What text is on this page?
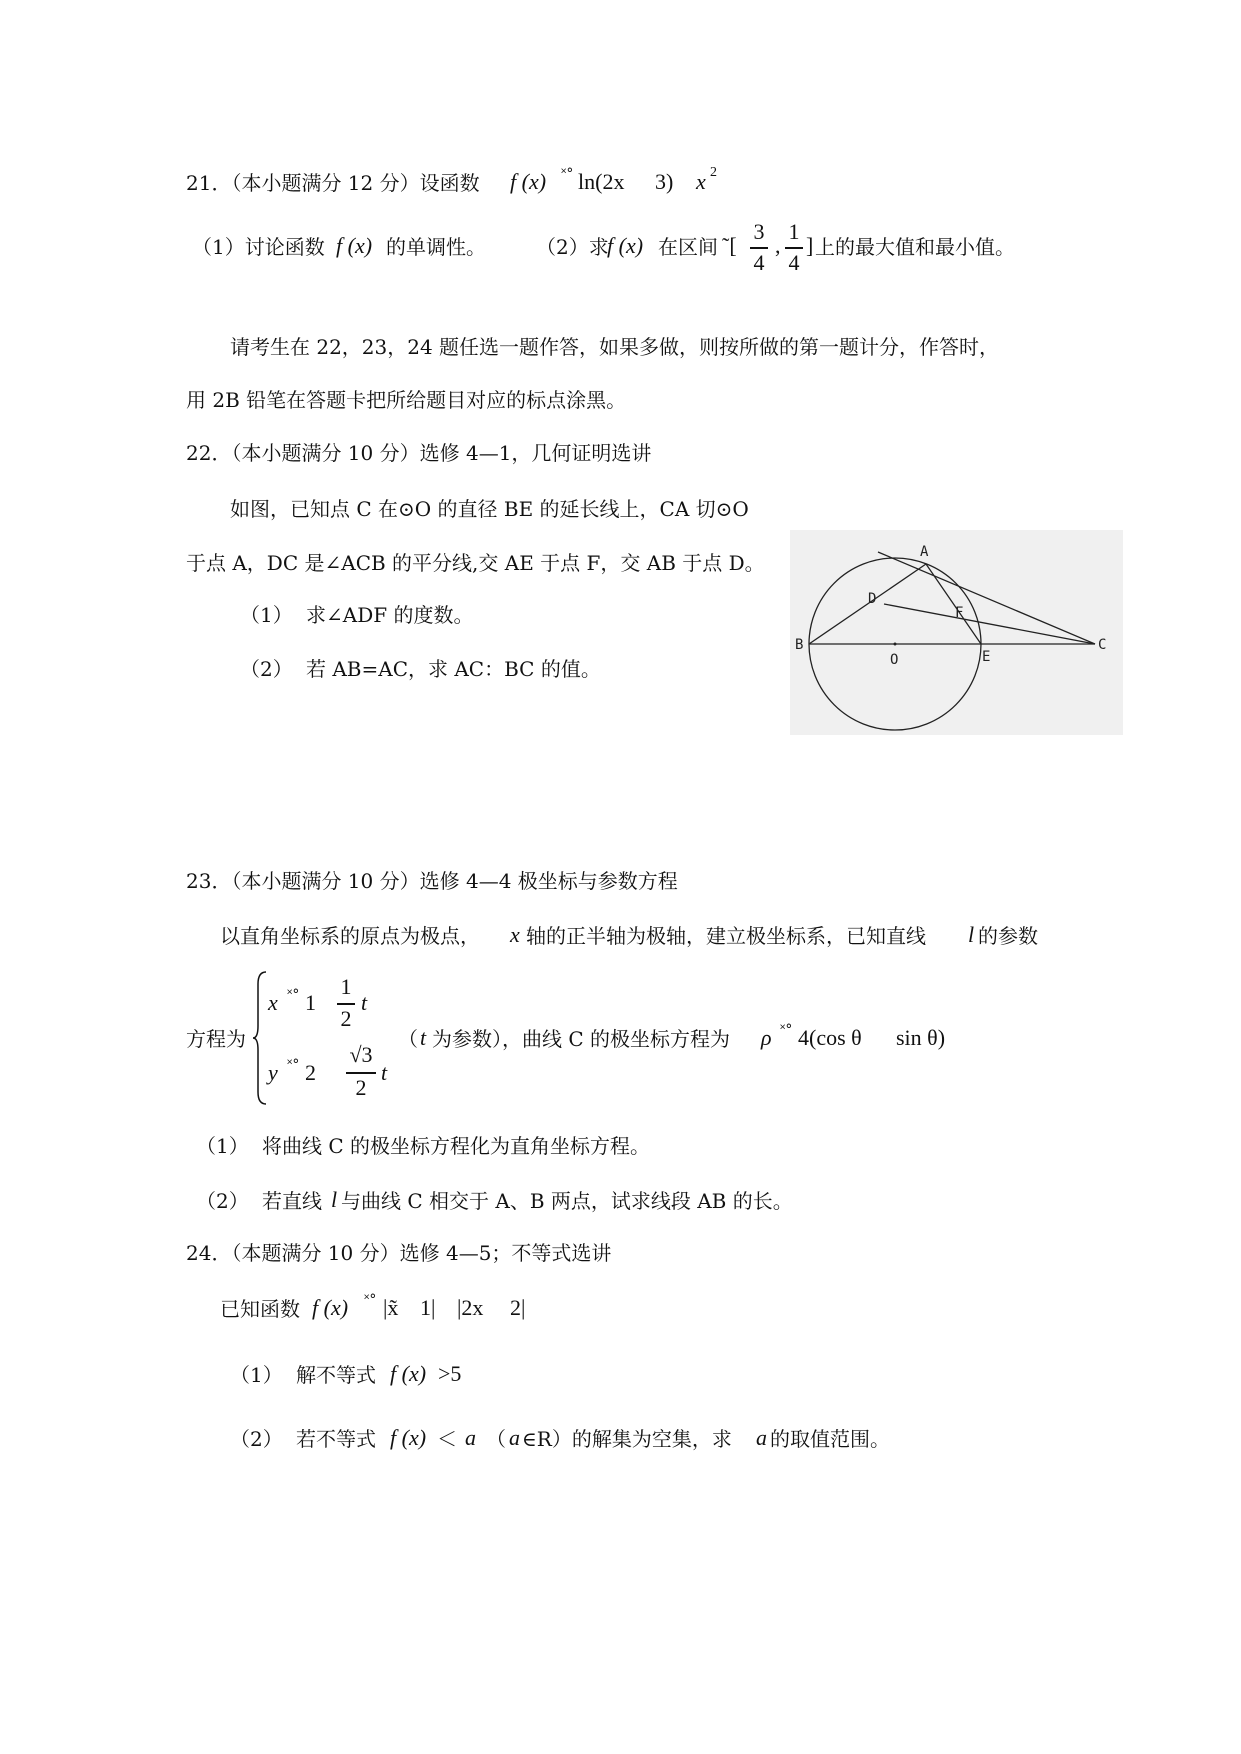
21．（本小题满分 12 分）设函数 f (x) ˟° ln(2x 3) x 2
（1）讨论函数 f (x) 的单调性。	（2）求
f (x) 在区间 ˜[
3
4
,
1
4
] 上的最大值和最小值。
请考生在 22，23，24 题任选一题作答，如果多做，则按所做的第一题计分，作答时，
用 2B 铅笔在答题卡把所给题目对应的标点涂黑。
22．（本小题满分 10 分）选修 4—1，几何证明选讲
如图，已知点 C 在⊙O 的直径 BE 的延长线上，CA 切⊙O
于点 A，DC 是∠ACB 的平分线,交 AE 于点 F，交 AB 于点 D。
（1） 求∠ADF 的度数。
（2） 若 AB=AC，求 AC：BC 的值。
A
B	C
D
E
F
O
23．（本小题满分 10 分）选修 4—4 极坐标与参数方程
以直角坐标系的原点为极点， x 轴的正半轴为极轴，建立极坐标系，已知直线 l 的参数
方程为
x ˟° 1
1
2
t
y ˟° 2
√3
2
t
（ t 为参数），曲线 C 的极坐标方程为 ρ ˟° 4(cos θ sin θ)
（1） 将曲线 C 的极坐标方程化为直角坐标方程。
（2） 若直线 l 与曲线 C 相交于 A、B 两点，试求线段 AB 的长。
24．（本题满分 10 分）选修 4—5；不等式选讲
已知函数 f (x) ˟° |x̃ 1| |2x 2|
（1） 解不等式 f (x) >5
（2） 若不等式 f (x) ＜ a （ a ∈R）的解集为空集，求 a 的取值范围。
